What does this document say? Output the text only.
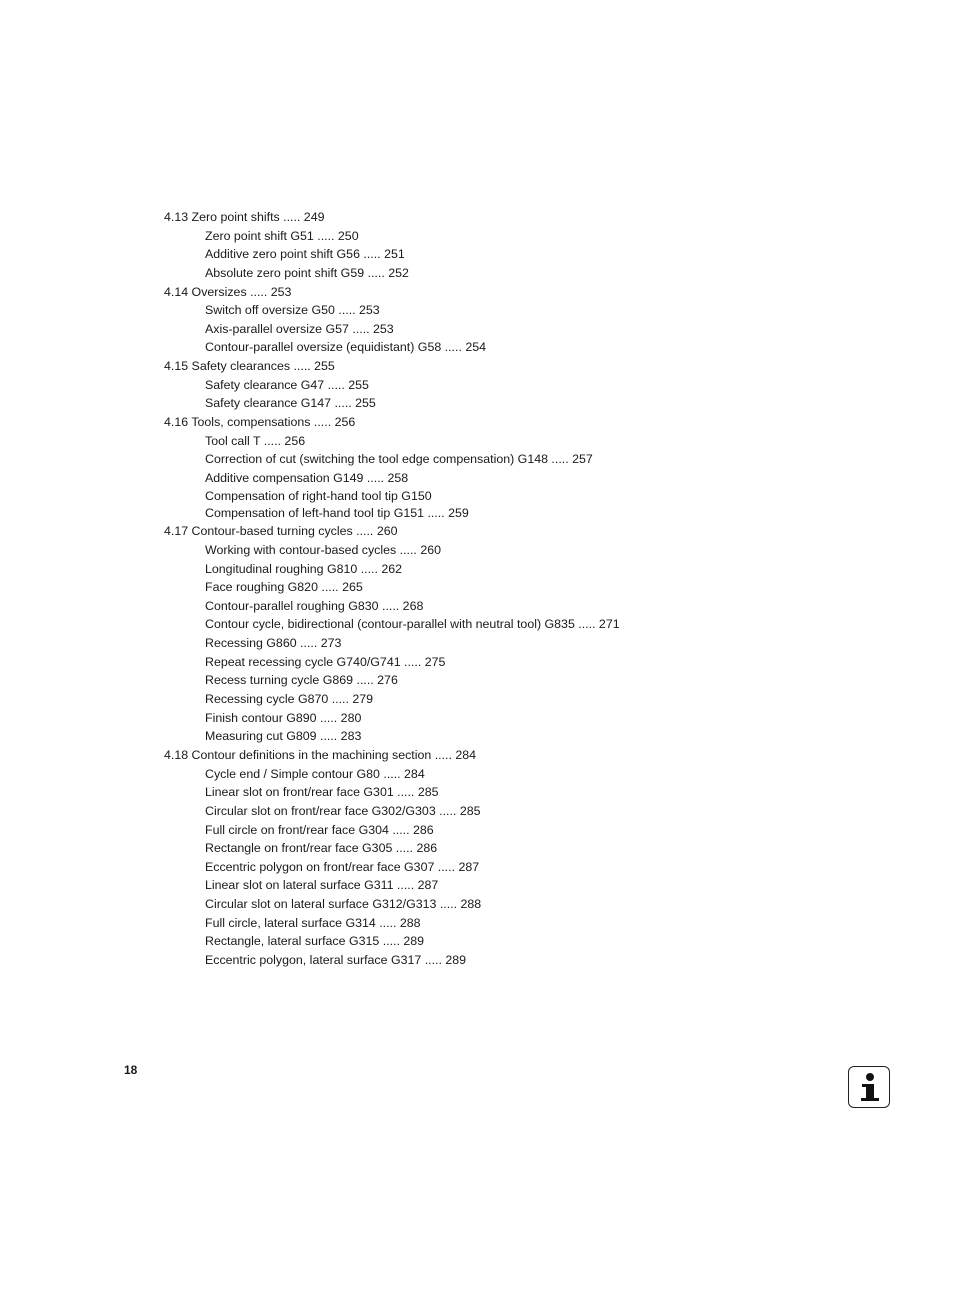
4.13 Zero point shifts ..... 249
Zero point shift G51 ..... 250
Additive zero point shift G56 ..... 251
Absolute zero point shift G59 ..... 252
4.14 Oversizes ..... 253
Switch off oversize G50 ..... 253
Axis-parallel oversize G57 ..... 253
Contour-parallel oversize (equidistant) G58 ..... 254
4.15 Safety clearances ..... 255
Safety clearance G47 ..... 255
Safety clearance G147 ..... 255
4.16 Tools, compensations ..... 256
Tool call T ..... 256
Correction of cut (switching the tool edge compensation) G148 ..... 257
Additive compensation G149 ..... 258
Compensation of right-hand tool tip G150
Compensation of left-hand tool tip G151 ..... 259
4.17 Contour-based turning cycles ..... 260
Working with contour-based cycles ..... 260
Longitudinal roughing G810 ..... 262
Face roughing G820 ..... 265
Contour-parallel roughing G830 ..... 268
Contour cycle, bidirectional (contour-parallel with neutral tool) G835 ..... 271
Recessing G860 ..... 273
Repeat recessing cycle G740/G741 ..... 275
Recess turning cycle G869 ..... 276
Recessing cycle G870 ..... 279
Finish contour G890 ..... 280
Measuring cut G809 ..... 283
4.18 Contour definitions in the machining section ..... 284
Cycle end / Simple contour G80 ..... 284
Linear slot on front/rear face G301 ..... 285
Circular slot on front/rear face G302/G303 ..... 285
Full circle on front/rear face G304 ..... 286
Rectangle on front/rear face G305 ..... 286
Eccentric polygon on front/rear face G307 ..... 287
Linear slot on lateral surface G311 ..... 287
Circular slot on lateral surface G312/G313 ..... 288
Full circle, lateral surface G314 ..... 288
Rectangle, lateral surface G315 ..... 289
Eccentric polygon, lateral surface G317 ..... 289
18
